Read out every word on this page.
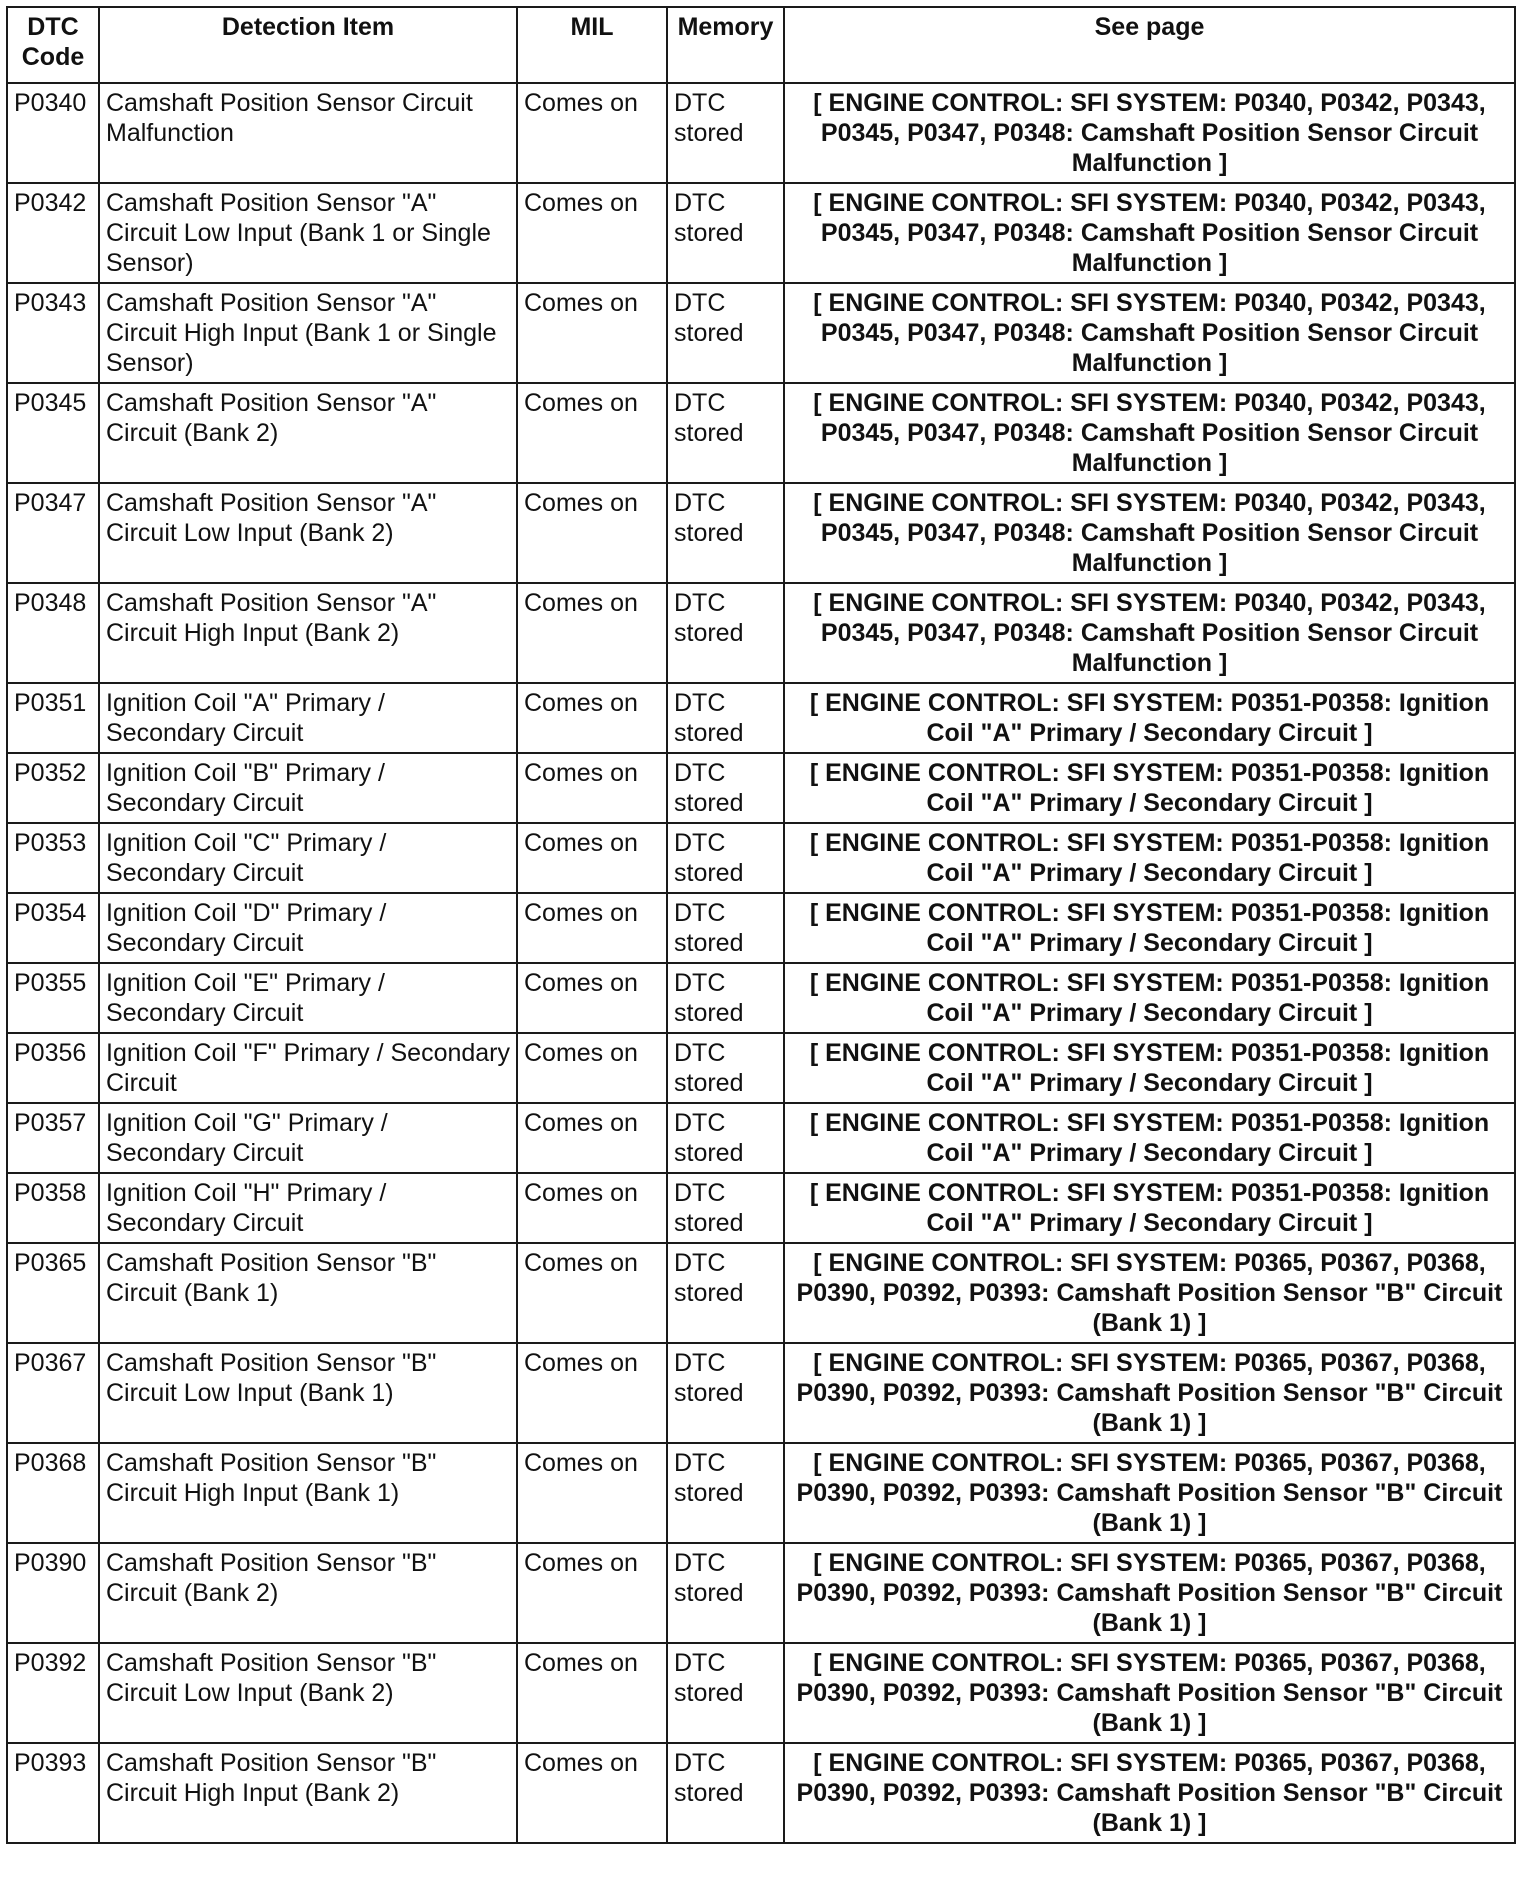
DTC
Code	Detection Item	MIL	Memory	See page
P0340	Camshaft Position Sensor Circuit Malfunction	Comes on	DTC stored	[ ENGINE CONTROL: SFI SYSTEM: P0340, P0342, P0343, P0345, P0347, P0348: Camshaft Position Sensor Circuit Malfunction ]
P0342	Camshaft Position Sensor "A" Circuit Low Input (Bank 1 or Single Sensor)	Comes on	DTC stored	[ ENGINE CONTROL: SFI SYSTEM: P0340, P0342, P0343, P0345, P0347, P0348: Camshaft Position Sensor Circuit Malfunction ]
P0343	Camshaft Position Sensor "A" Circuit High Input (Bank 1 or Single Sensor)	Comes on	DTC stored	[ ENGINE CONTROL: SFI SYSTEM: P0340, P0342, P0343, P0345, P0347, P0348: Camshaft Position Sensor Circuit Malfunction ]
P0345	Camshaft Position Sensor "A" Circuit (Bank 2)	Comes on	DTC stored	[ ENGINE CONTROL: SFI SYSTEM: P0340, P0342, P0343, P0345, P0347, P0348: Camshaft Position Sensor Circuit Malfunction ]
P0347	Camshaft Position Sensor "A" Circuit Low Input (Bank 2)	Comes on	DTC stored	[ ENGINE CONTROL: SFI SYSTEM: P0340, P0342, P0343, P0345, P0347, P0348: Camshaft Position Sensor Circuit Malfunction ]
P0348	Camshaft Position Sensor "A" Circuit High Input (Bank 2)	Comes on	DTC stored	[ ENGINE CONTROL: SFI SYSTEM: P0340, P0342, P0343, P0345, P0347, P0348: Camshaft Position Sensor Circuit Malfunction ]
P0351	Ignition Coil "A" Primary / Secondary Circuit	Comes on	DTC stored	[ ENGINE CONTROL: SFI SYSTEM: P0351-P0358: Ignition Coil "A" Primary / Secondary Circuit ]
P0352	Ignition Coil "B" Primary / Secondary Circuit	Comes on	DTC stored	[ ENGINE CONTROL: SFI SYSTEM: P0351-P0358: Ignition Coil "A" Primary / Secondary Circuit ]
P0353	Ignition Coil "C" Primary / Secondary Circuit	Comes on	DTC stored	[ ENGINE CONTROL: SFI SYSTEM: P0351-P0358: Ignition Coil "A" Primary / Secondary Circuit ]
P0354	Ignition Coil "D" Primary / Secondary Circuit	Comes on	DTC stored	[ ENGINE CONTROL: SFI SYSTEM: P0351-P0358: Ignition Coil "A" Primary / Secondary Circuit ]
P0355	Ignition Coil "E" Primary / Secondary Circuit	Comes on	DTC stored	[ ENGINE CONTROL: SFI SYSTEM: P0351-P0358: Ignition Coil "A" Primary / Secondary Circuit ]
P0356	Ignition Coil "F" Primary / Secondary Circuit	Comes on	DTC stored	[ ENGINE CONTROL: SFI SYSTEM: P0351-P0358: Ignition Coil "A" Primary / Secondary Circuit ]
P0357	Ignition Coil "G" Primary / Secondary Circuit	Comes on	DTC stored	[ ENGINE CONTROL: SFI SYSTEM: P0351-P0358: Ignition Coil "A" Primary / Secondary Circuit ]
P0358	Ignition Coil "H" Primary / Secondary Circuit	Comes on	DTC stored	[ ENGINE CONTROL: SFI SYSTEM: P0351-P0358: Ignition Coil "A" Primary / Secondary Circuit ]
P0365	Camshaft Position Sensor "B" Circuit (Bank 1)	Comes on	DTC stored	[ ENGINE CONTROL: SFI SYSTEM: P0365, P0367, P0368, P0390, P0392, P0393: Camshaft Position Sensor "B" Circuit (Bank 1) ]
P0367	Camshaft Position Sensor "B" Circuit Low Input (Bank 1)	Comes on	DTC stored	[ ENGINE CONTROL: SFI SYSTEM: P0365, P0367, P0368, P0390, P0392, P0393: Camshaft Position Sensor "B" Circuit (Bank 1) ]
P0368	Camshaft Position Sensor "B" Circuit High Input (Bank 1)	Comes on	DTC stored	[ ENGINE CONTROL: SFI SYSTEM: P0365, P0367, P0368, P0390, P0392, P0393: Camshaft Position Sensor "B" Circuit (Bank 1) ]
P0390	Camshaft Position Sensor "B" Circuit (Bank 2)	Comes on	DTC stored	[ ENGINE CONTROL: SFI SYSTEM: P0365, P0367, P0368, P0390, P0392, P0393: Camshaft Position Sensor "B" Circuit (Bank 1) ]
P0392	Camshaft Position Sensor "B" Circuit Low Input (Bank 2)	Comes on	DTC stored	[ ENGINE CONTROL: SFI SYSTEM: P0365, P0367, P0368, P0390, P0392, P0393: Camshaft Position Sensor "B" Circuit (Bank 1) ]
P0393	Camshaft Position Sensor "B" Circuit High Input (Bank 2)	Comes on	DTC stored	[ ENGINE CONTROL: SFI SYSTEM: P0365, P0367, P0368, P0390, P0392, P0393: Camshaft Position Sensor "B" Circuit (Bank 1) ]
